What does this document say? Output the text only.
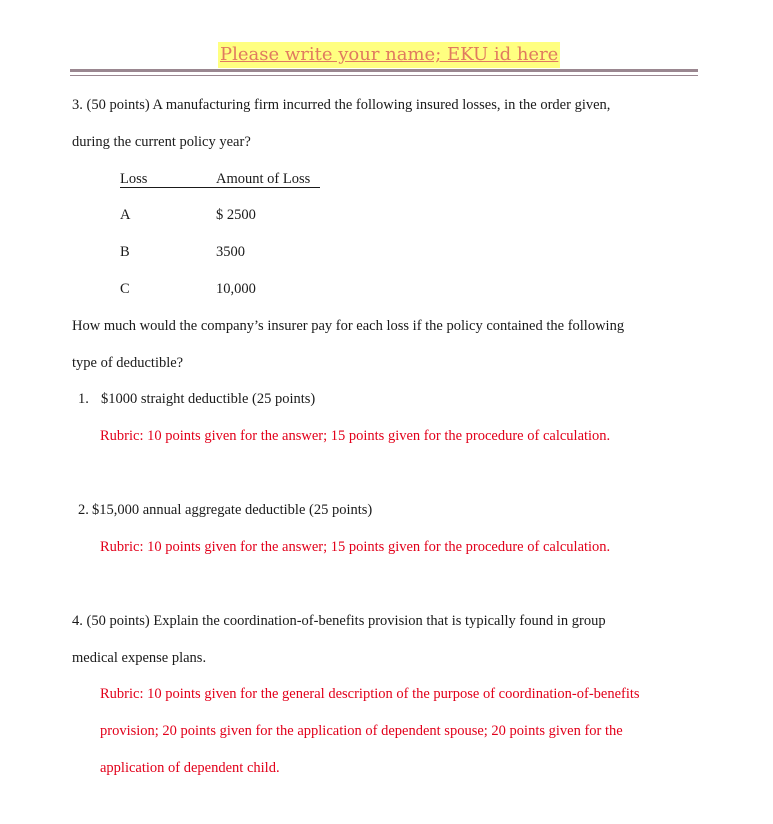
Please write your name; EKU id here
3. (50 points) A manufacturing firm incurred the following insured losses, in the order given,
during the current policy year?
Loss	Amount of Loss
A	$ 2500
B	3500
C	10,000
How much would the company’s insurer pay for each loss if the policy contained the following
type of deductible?
1. $1000 straight deductible (25 points)
Rubric: 10 points given for the answer; 15 points given for the procedure of calculation.
2. $15,000 annual aggregate deductible (25 points)
Rubric: 10 points given for the answer; 15 points given for the procedure of calculation.
4. (50 points) Explain the coordination-of-benefits provision that is typically found in group
medical expense plans.
Rubric: 10 points given for the general description of the purpose of coordination-of-benefits
provision; 20 points given for the application of dependent spouse; 20 points given for the
application of dependent child.
